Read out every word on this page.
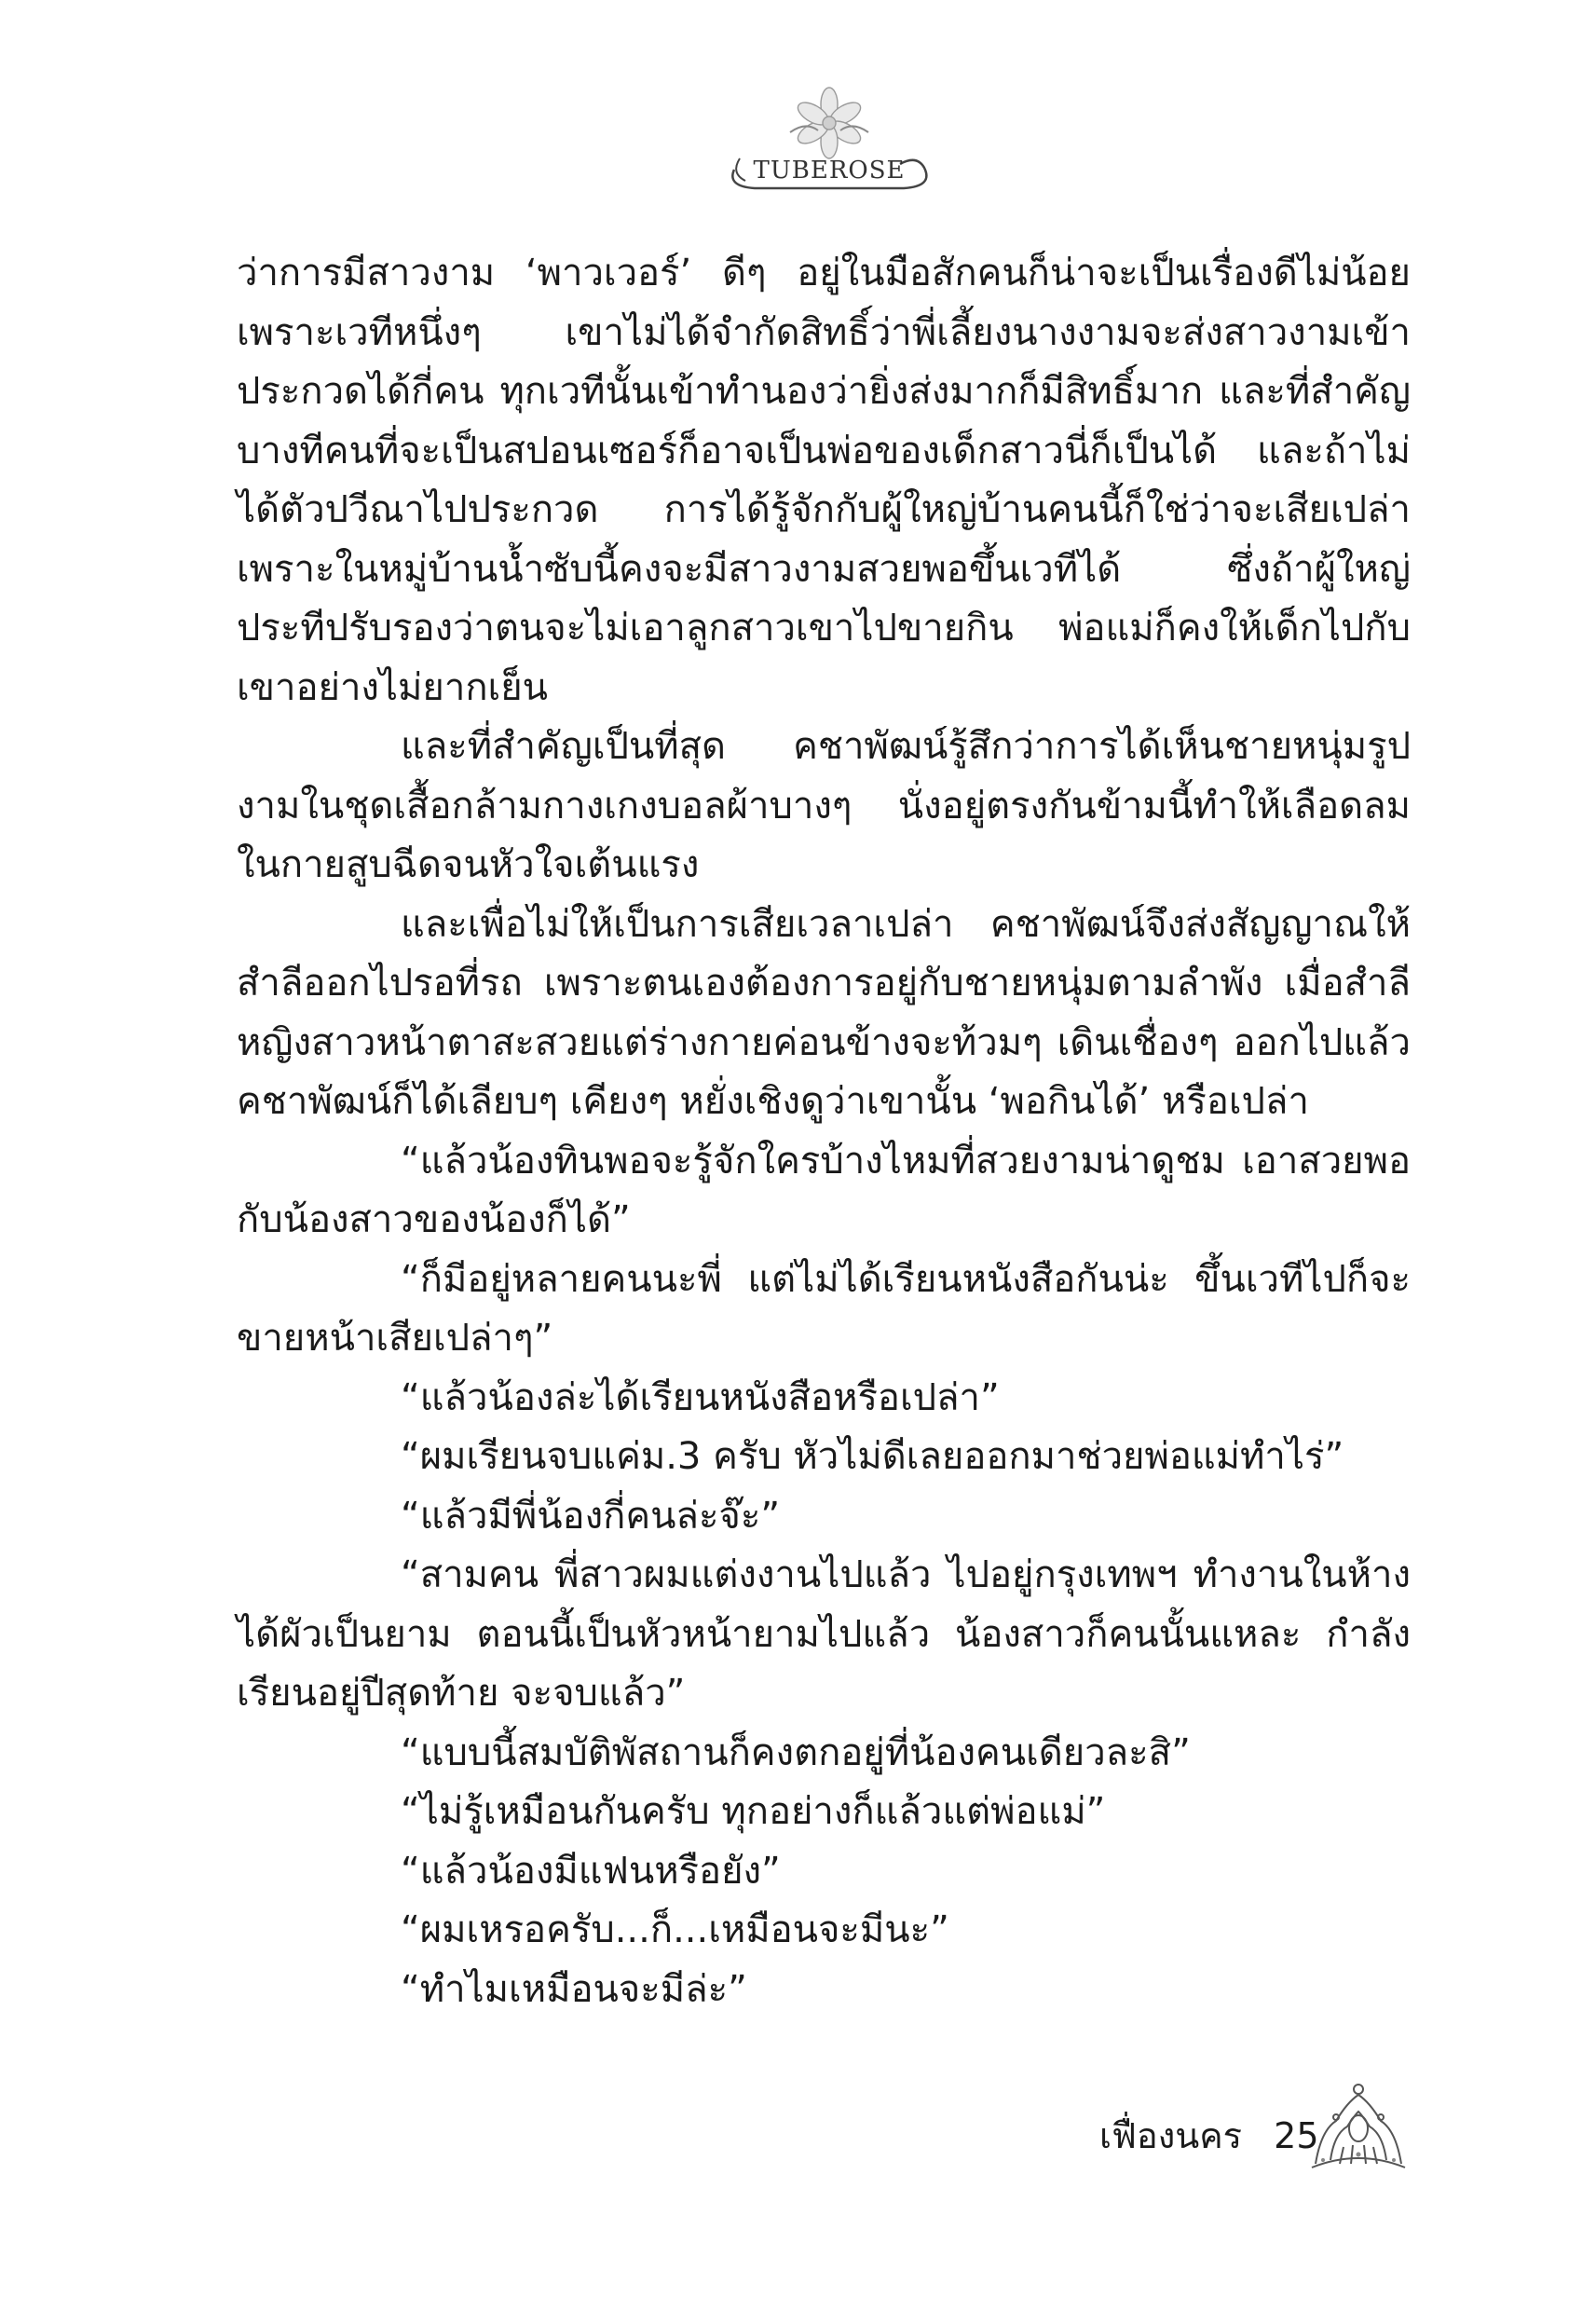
TUBEROSE

ว่าการมีสาวงาม ‘พาวเวอร์’ ดีๆ อยู่ในมือสักคนก็น่าจะเป็นเรื่องดีไม่น้อย เพราะเวทีหนึ่งๆ เขาไม่ได้จำกัดสิทธิ์ว่าพี่เลี้ยงนางงามจะส่งสาวงามเข้าประกวดได้กี่คน ทุกเวทีนั้นเข้าทำนองว่ายิ่งส่งมากก็มีสิทธิ์มาก และที่สำคัญ บางทีคนที่จะเป็นสปอนเซอร์ก็อาจเป็นพ่อของเด็กสาวนี่ก็เป็นได้ และถ้าไม่ได้ตัวปวีณาไปประกวด การได้รู้จักกับผู้ใหญ่บ้านคนนี้ก็ใช่ว่าจะเสียเปล่า เพราะในหมู่บ้านน้ำซับนี้คงจะมีสาวงามสวยพอขึ้นเวทีได้ ซึ่งถ้าผู้ใหญ่ประทีปรับรองว่าตนจะไม่เอาลูกสาวเขาไปขายกิน พ่อแม่ก็คงให้เด็กไปกับเขาอย่างไม่ยากเย็น

และที่สำคัญเป็นที่สุด คชาพัฒน์รู้สึกว่าการได้เห็นชายหนุ่มรูปงามในชุดเสื้อกล้ามกางเกงบอลผ้าบางๆ นั่งอยู่ตรงกันข้ามนี้ทำให้เลือดลมในกายสูบฉีดจนหัวใจเต้นแรง

และเพื่อไม่ให้เป็นการเสียเวลาเปล่า คชาพัฒน์จึงส่งสัญญาณให้สำลีออกไปรอที่รถ เพราะตนเองต้องการอยู่กับชายหนุ่มตามลำพัง เมื่อสำลีหญิงสาวหน้าตาสะสวยแต่ร่างกายค่อนข้างจะท้วมๆ เดินเชื่องๆ ออกไปแล้ว คชาพัฒน์ก็ได้เลียบๆ เคียงๆ หยั่งเชิงดูว่าเขานั้น ‘พอกินได้’ หรือเปล่า

“แล้วน้องทินพอจะรู้จักใครบ้างไหมที่สวยงามน่าดูชม เอาสวยพอกับน้องสาวของน้องก็ได้”

“ก็มีอยู่หลายคนนะพี่ แต่ไม่ได้เรียนหนังสือกันน่ะ ขึ้นเวทีไปก็จะขายหน้าเสียเปล่าๆ”

“แล้วน้องล่ะได้เรียนหนังสือหรือเปล่า”

“ผมเรียนจบแค่ม.3 ครับ หัวไม่ดีเลยออกมาช่วยพ่อแม่ทำไร่”

“แล้วมีพี่น้องกี่คนล่ะจ๊ะ”

“สามคน พี่สาวผมแต่งงานไปแล้ว ไปอยู่กรุงเทพฯ ทำงานในห้างได้ผัวเป็นยาม ตอนนี้เป็นหัวหน้ายามไปแล้ว น้องสาวก็คนนั้นแหละ กำลังเรียนอยู่ปีสุดท้าย จะจบแล้ว”

“แบบนี้สมบัติพัสถานก็คงตกอยู่ที่น้องคนเดียวละสิ”

“ไม่รู้เหมือนกันครับ ทุกอย่างก็แล้วแต่พ่อแม่”

“แล้วน้องมีแฟนหรือยัง”

“ผมเหรอครับ...ก็...เหมือนจะมีนะ”

“ทำไมเหมือนจะมีล่ะ”

เฟื่องนคร 25
